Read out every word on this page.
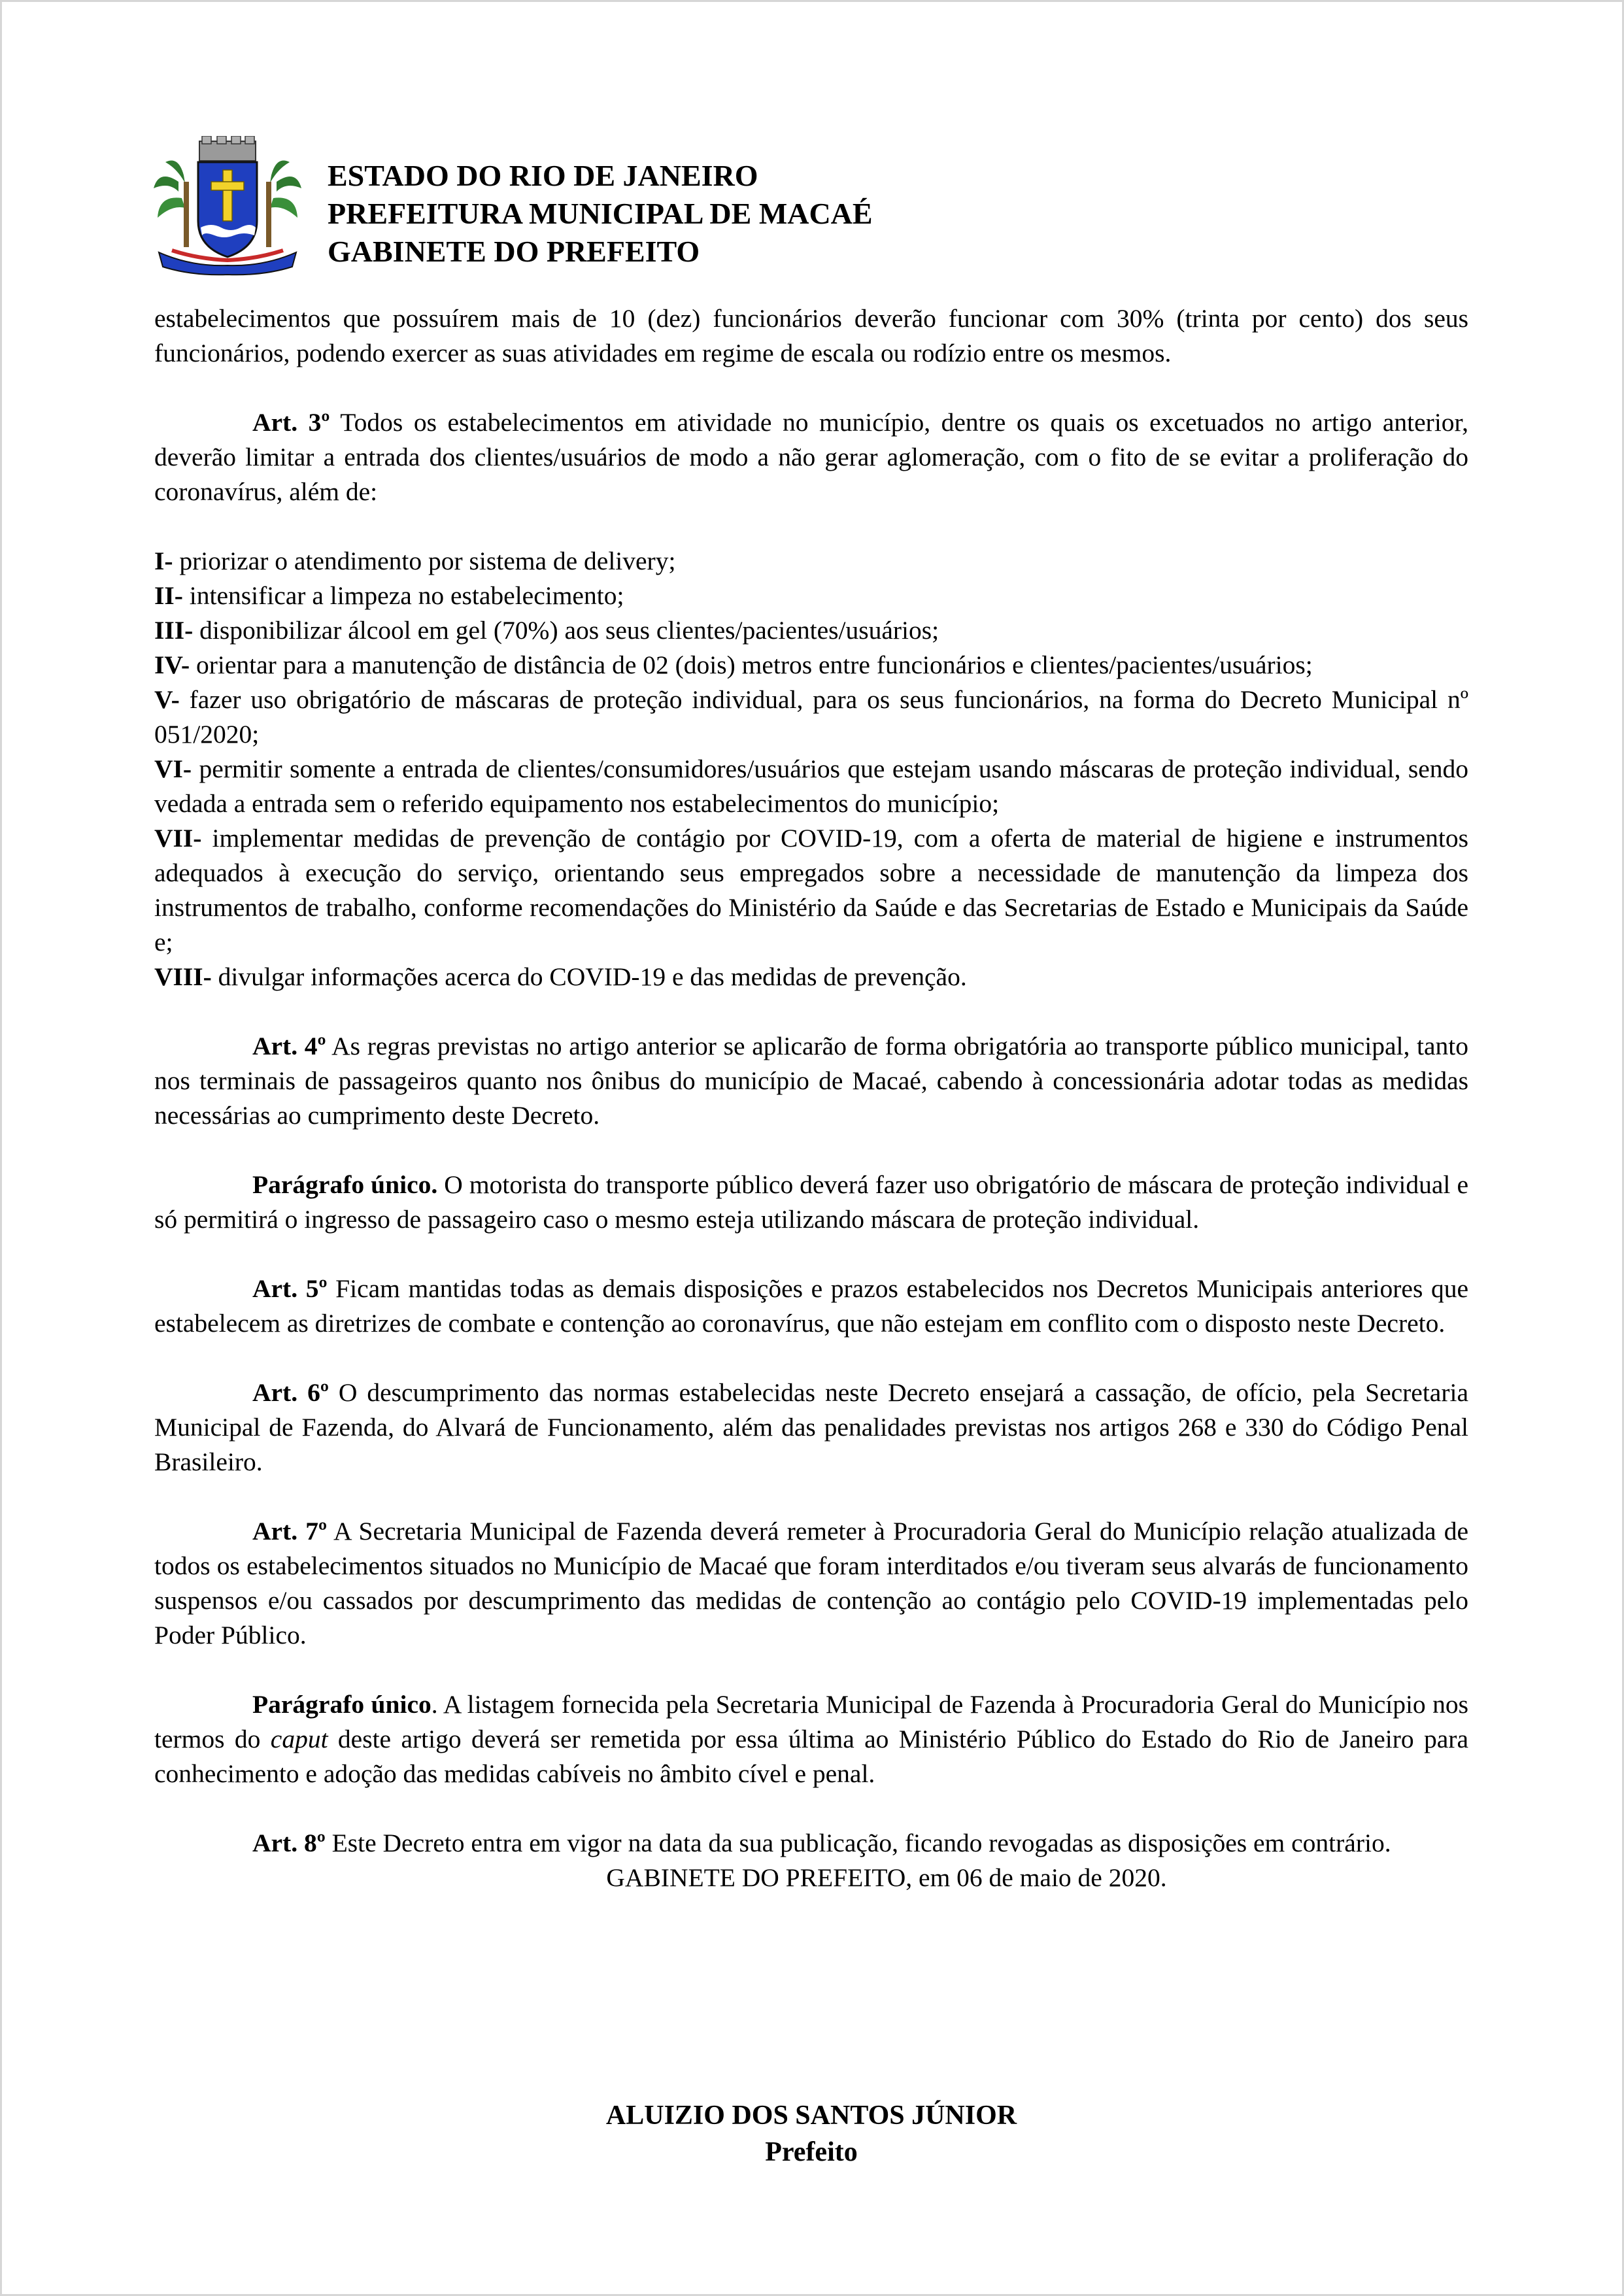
ESTADO DO RIO DE JANEIRO
PREFEITURA MUNICIPAL DE MACAÉ
GABINETE DO PREFEITO

estabelecimentos que possuírem mais de 10 (dez) funcionários deverão funcionar com 30% (trinta por cento) dos seus funcionários, podendo exercer as suas atividades em regime de escala ou rodízio entre os mesmos.

Art. 3º Todos os estabelecimentos em atividade no município, dentre os quais os excetuados no artigo anterior, deverão limitar a entrada dos clientes/usuários de modo a não gerar aglomeração, com o fito de se evitar a proliferação do coronavírus, além de:

I- priorizar o atendimento por sistema de delivery;

II- intensificar a limpeza no estabelecimento;

III- disponibilizar álcool em gel (70%) aos seus clientes/pacientes/usuários;

IV- orientar para a manutenção de distância de 02 (dois) metros entre funcionários e clientes/pacientes/usuários;

V- fazer uso obrigatório de máscaras de proteção individual, para os seus funcionários, na forma do Decreto Municipal nº 051/2020;

VI- permitir somente a entrada de clientes/consumidores/usuários que estejam usando máscaras de proteção individual, sendo vedada a entrada sem o referido equipamento nos estabelecimentos do município;

VII- implementar medidas de prevenção de contágio por COVID-19, com a oferta de material de higiene e instrumentos adequados à execução do serviço, orientando seus empregados sobre a necessidade de manutenção da limpeza dos instrumentos de trabalho, conforme recomendações do Ministério da Saúde e das Secretarias de Estado e Municipais da Saúde e;

VIII- divulgar informações acerca do COVID-19 e das medidas de prevenção.

Art. 4º As regras previstas no artigo anterior se aplicarão de forma obrigatória ao transporte público municipal, tanto nos terminais de passageiros quanto nos ônibus do município de Macaé, cabendo à concessionária adotar todas as medidas necessárias ao cumprimento deste Decreto.

Parágrafo único. O motorista do transporte público deverá fazer uso obrigatório de máscara de proteção individual e só permitirá o ingresso de passageiro caso o mesmo esteja utilizando máscara de proteção individual.

Art. 5º Ficam mantidas todas as demais disposições e prazos estabelecidos nos Decretos Municipais anteriores que estabelecem as diretrizes de combate e contenção ao coronavírus, que não estejam em conflito com o disposto neste Decreto.

Art. 6º O descumprimento das normas estabelecidas neste Decreto ensejará a cassação, de ofício, pela Secretaria Municipal de Fazenda, do Alvará de Funcionamento, além das penalidades previstas nos artigos 268 e 330 do Código Penal Brasileiro.

Art. 7º A Secretaria Municipal de Fazenda deverá remeter à Procuradoria Geral do Município relação atualizada de todos os estabelecimentos situados no Município de Macaé que foram interditados e/ou tiveram seus alvarás de funcionamento suspensos e/ou cassados por descumprimento das medidas de contenção ao contágio pelo COVID-19 implementadas pelo Poder Público.

Parágrafo único. A listagem fornecida pela Secretaria Municipal de Fazenda à Procuradoria Geral do Município nos termos do caput deste artigo deverá ser remetida por essa última ao Ministério Público do Estado do Rio de Janeiro para conhecimento e adoção das medidas cabíveis no âmbito cível e penal.

Art. 8º Este Decreto entra em vigor na data da sua publicação, ficando revogadas as disposições em contrário.

GABINETE DO PREFEITO, em 06 de maio de 2020.

ALUIZIO DOS SANTOS JÚNIOR
Prefeito
